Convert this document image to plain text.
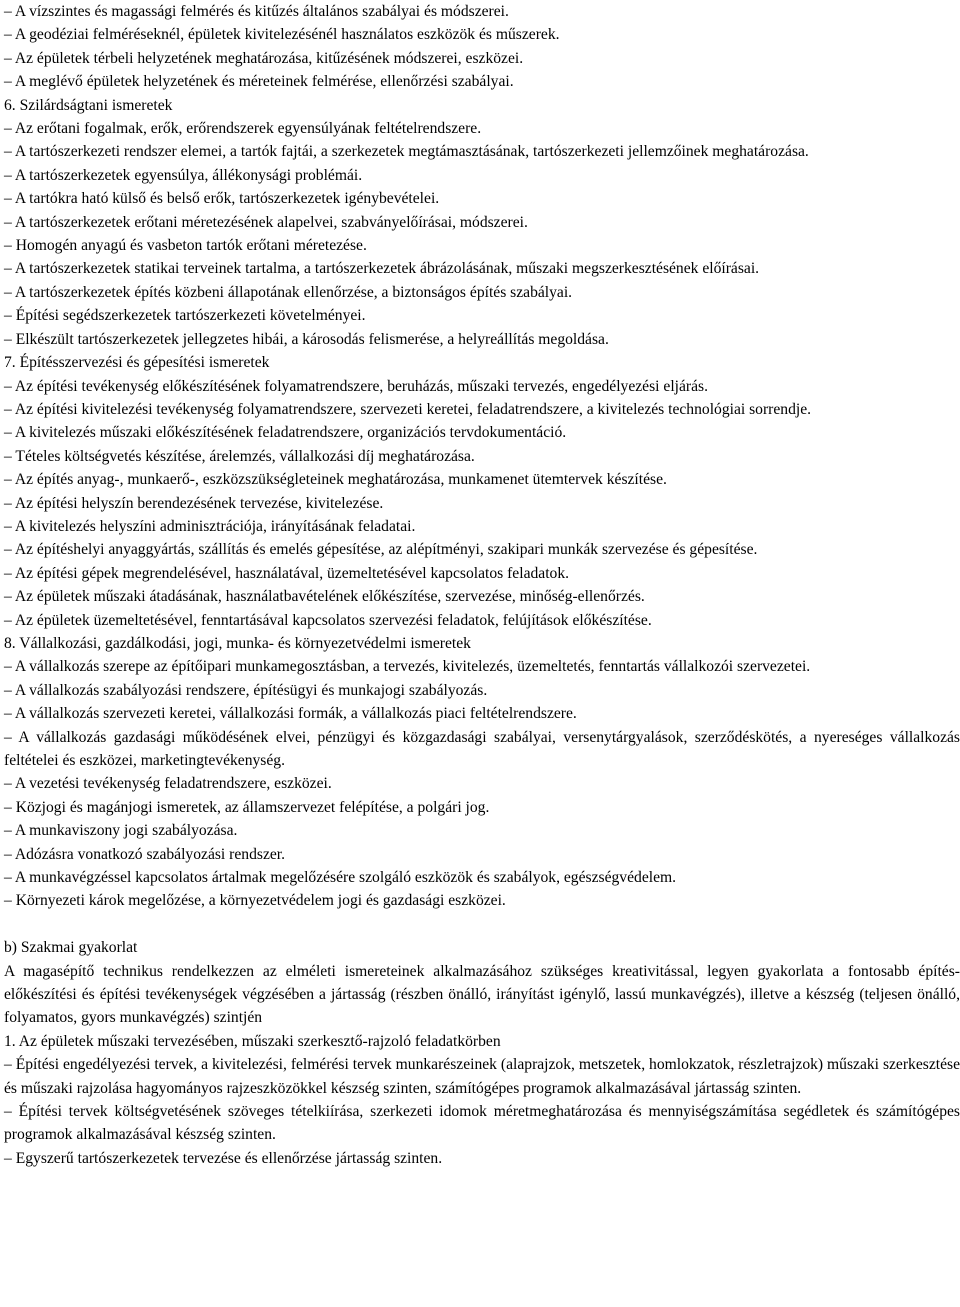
– A vízszintes és magassági felmérés és kitűzés általános szabályai és módszerei.

– A geodéziai felméréseknél, épületek kivitelezésénél használatos eszközök és műszerek.

– Az épületek térbeli helyzetének meghatározása, kitűzésének módszerei, eszközei.

– A meglévő épületek helyzetének és méreteinek felmérése, ellenőrzési szabályai.

6. Szilárdságtani ismeretek

– Az erőtani fogalmak, erők, erőrendszerek egyensúlyának feltételrendszere.

– A tartószerkezeti rendszer elemei, a tartók fajtái, a szerkezetek megtámasztásának, tartószerkezeti jellemzőinek meghatározása.

– A tartószerkezetek egyensúlya, állékonysági problémái.

– A tartókra ható külső és belső erők, tartószerkezetek igénybevételei.

– A tartószerkezetek erőtani méretezésének alapelvei, szabványelőírásai, módszerei.

– Homogén anyagú és vasbeton tartók erőtani méretezése.

– A tartószerkezetek statikai terveinek tartalma, a tartószerkezetek ábrázolásának, műszaki megszerkesztésének előírásai.

– A tartószerkezetek építés közbeni állapotának ellenőrzése, a biztonságos építés szabályai.

– Építési segédszerkezetek tartószerkezeti követelményei.

– Elkészült tartószerkezetek jellegzetes hibái, a károsodás felismerése, a helyreállítás megoldása.

7. Építésszervezési és gépesítési ismeretek

– Az építési tevékenység előkészítésének folyamatrendszere, beruházás, műszaki tervezés, engedélyezési eljárás.

– Az építési kivitelezési tevékenység folyamatrendszere, szervezeti keretei, feladatrendszere, a kivitelezés technológiai sorrendje.

– A kivitelezés műszaki előkészítésének feladatrendszere, organizációs tervdokumentáció.

– Tételes költségvetés készítése, árelemzés, vállalkozási díj meghatározása.

– Az építés anyag-, munkaerő-, eszközszükségleteinek meghatározása, munkamenet ütemtervek készítése.

– Az építési helyszín berendezésének tervezése, kivitelezése.

– A kivitelezés helyszíni adminisztrációja, irányításának feladatai.

– Az építéshelyi anyaggyártás, szállítás és emelés gépesítése, az alépítményi, szakipari munkák szervezése és gépesítése.

– Az építési gépek megrendelésével, használatával, üzemeltetésével kapcsolatos feladatok.

– Az épületek műszaki átadásának, használatbavételének előkészítése, szervezése, minőség-ellenőrzés.

– Az épületek üzemeltetésével, fenntartásával kapcsolatos szervezési feladatok, felújítások előkészítése.

8. Vállalkozási, gazdálkodási, jogi, munka- és környezetvédelmi ismeretek

– A vállalkozás szerepe az építőipari munkamegosztásban, a tervezés, kivitelezés, üzemeltetés, fenntartás vállalkozói szervezetei.

– A vállalkozás szabályozási rendszere, építésügyi és munkajogi szabályozás.

– A vállalkozás szervezeti keretei, vállalkozási formák, a vállalkozás piaci feltételrendszere.

– A vállalkozás gazdasági működésének elvei, pénzügyi és közgazdasági szabályai, versenytárgyalások, szerződéskötés, a nyereséges vállalkozás feltételei és eszközei, marketingtevékenység.

– A vezetési tevékenység feladatrendszere, eszközei.

– Közjogi és magánjogi ismeretek, az államszervezet felépítése, a polgári jog.

– A munkaviszony jogi szabályozása.

– Adózásra vonatkozó szabályozási rendszer.

– A munkavégzéssel kapcsolatos ártalmak megelőzésére szolgáló eszközök és szabályok, egészségvédelem.

– Környezeti károk megelőzése, a környezetvédelem jogi és gazdasági eszközei.

b) Szakmai gyakorlat

A magasépítő technikus rendelkezzen az elméleti ismereteinek alkalmazásához szükséges kreativitással, legyen gyakorlata a fontosabb építés-előkészítési és építési tevékenységek végzésében a jártasság (részben önálló, irányítást igénylő, lassú munkavégzés), illetve a készség (teljesen önálló, folyamatos, gyors munkavégzés) szintjén

1. Az épületek műszaki tervezésében, műszaki szerkesztő-rajzoló feladatkörben

– Építési engedélyezési tervek, a kivitelezési, felmérési tervek munkarészeinek (alaprajzok, metszetek, homlokzatok, részletrajzok) műszaki szerkesztése és műszaki rajzolása hagyományos rajzeszközökkel készség szinten, számítógépes programok alkalmazásával jártasság szinten.

– Építési tervek költségvetésének szöveges tételkiírása, szerkezeti idomok méretmeghatározása és mennyiségszámítása segédletek és számítógépes programok alkalmazásával készség szinten.

– Egyszerű tartószerkezetek tervezése és ellenőrzése jártasság szinten.
